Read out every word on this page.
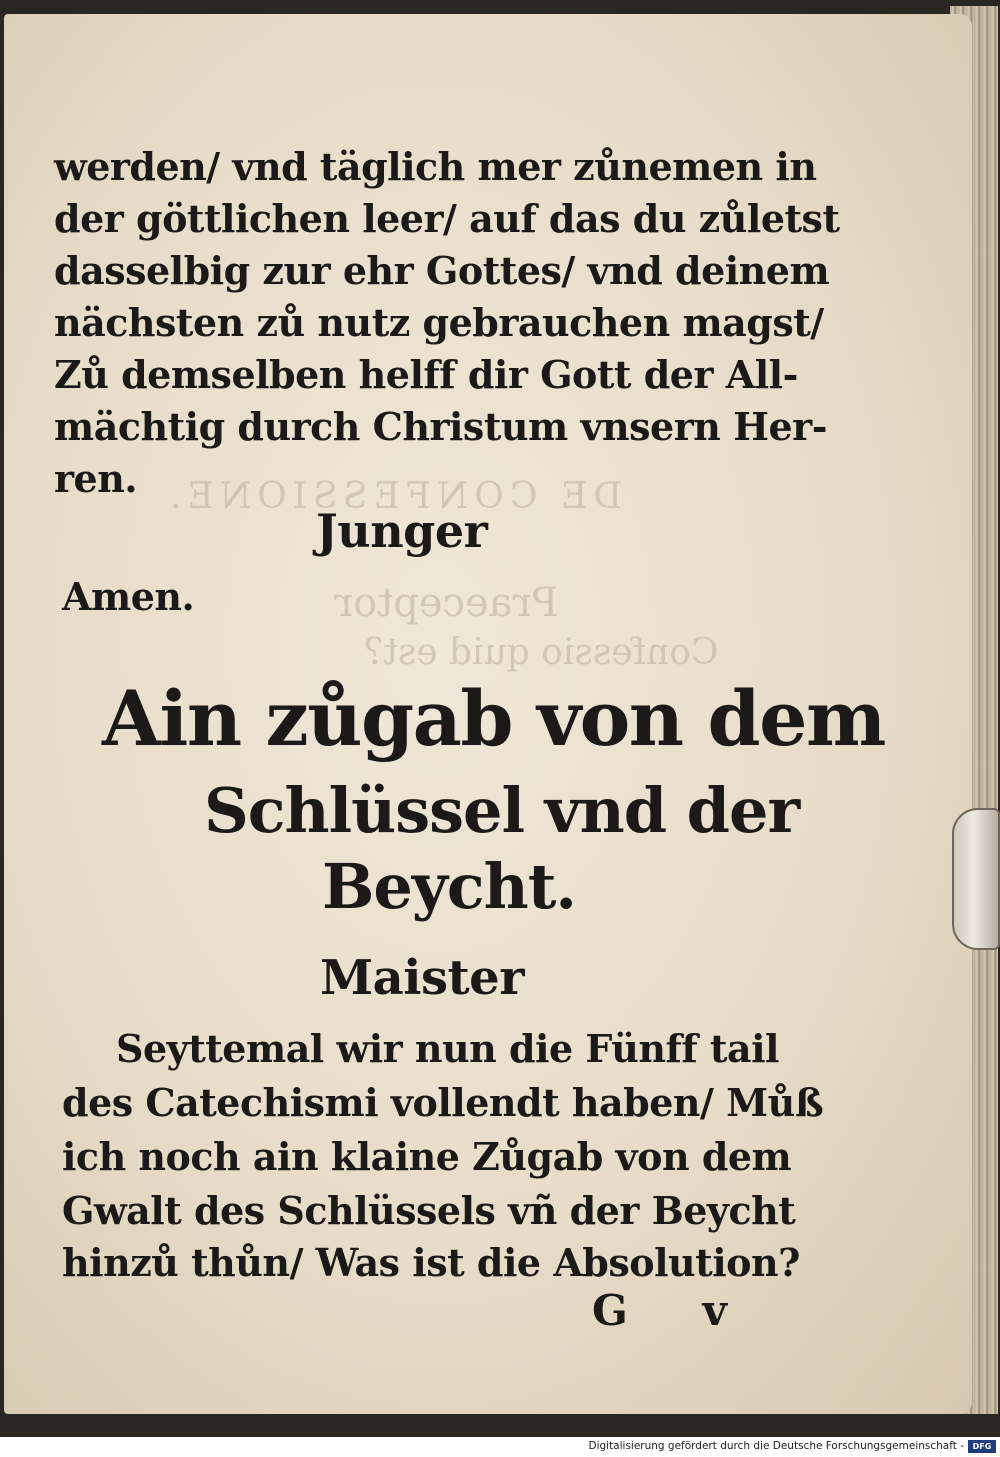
DE CONFESSIONE.
Praeceptor
Confessio quid est?
werden/ vnd täglich mer zůnemen in
der göttlichen leer/ auf das du zůletst
dasselbig zur ehr Gottes/ vnd deinem
nächsten zů nutz gebrauchen magst/
Zů demselben helff dir Gott der All-
mächtig durch Christum vnsern Her-
ren.
Junger
Amen.
Ain zůgab von dem
Schlüssel vnd der
Beycht.
Maister
Seyttemal wir nun die Fünff tail
des Catechismi vollendt haben/ Můß
ich noch ain klaine Zůgab von dem
Gwalt des Schlüssels vñ der Beycht
hinzů thůn/ Was ist die Absolution?
G v
Digitalisierung gefördert durch die Deutsche Forschungsgemeinschaft -	DFG
